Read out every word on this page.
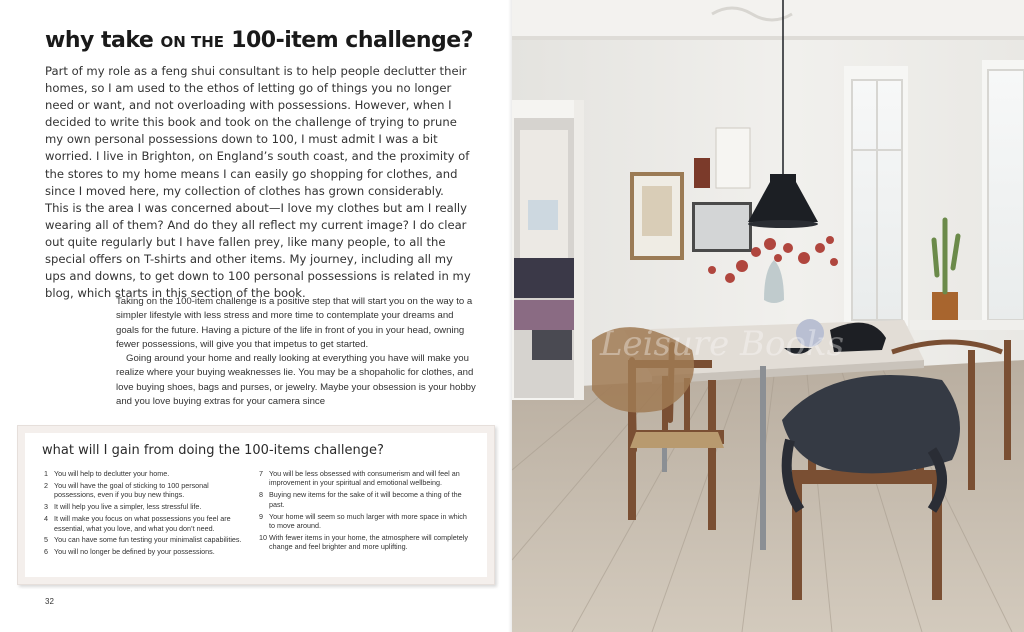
why take ON THE 100-item challenge?

Part of my role as a feng shui consultant is to help people declutter their homes, so I am used to the ethos of letting go of things you no longer need or want, and not overloading with possessions. However, when I decided to write this book and took on the challenge of trying to prune my own personal possessions down to 100, I must admit I was a bit worried. I live in Brighton, on England’s south coast, and the proximity of the stores to my home means I can easily go shopping for clothes, and since I moved here, my collection of clothes has grown considerably. This is the area I was concerned about—I love my clothes but am I really wearing all of them? And do they all reflect my current image? I do clear out quite regularly but I have fallen prey, like many people, to all the special offers on T-shirts and other items. My journey, including all my ups and downs, to get down to 100 personal possessions is related in my blog, which starts in this section of the book.

Taking on the 100-item challenge is a positive step that will start you on the way to a simpler lifestyle with less stress and more time to contemplate your dreams and goals for the future. Having a picture of the life in front of you in your head, owning fewer possessions, will give you that impetus to get started.

Going around your home and really looking at everything you have will make you realize where your buying weaknesses lie. You may be a shopaholic for clothes, and love buying shoes, bags and purses, or jewelry. Maybe your obsession is your hobby and you love buying extras for your camera since

what will I gain from doing the 100-items challenge?
1 You will help to declutter your home.
2 You will have the goal of sticking to 100 personal possessions, even if you buy new things.
3 It will help you live a simpler, less stressful life.
4 It will make you focus on what possessions you feel are essential, what you love, and what you don’t need.
5 You can have some fun testing your minimalist capabilities.
6 You will no longer be defined by your possessions.
7 You will be less obsessed with consumerism and will feel an improvement in your spiritual and emotional wellbeing.
8 Buying new items for the sake of it will become a thing of the past.
9 Your home will seem so much larger with more space in which to move around.
10 With fewer items in your home, the atmosphere will completely change and feel brighter and more uplifting.
32
Leisure Books
